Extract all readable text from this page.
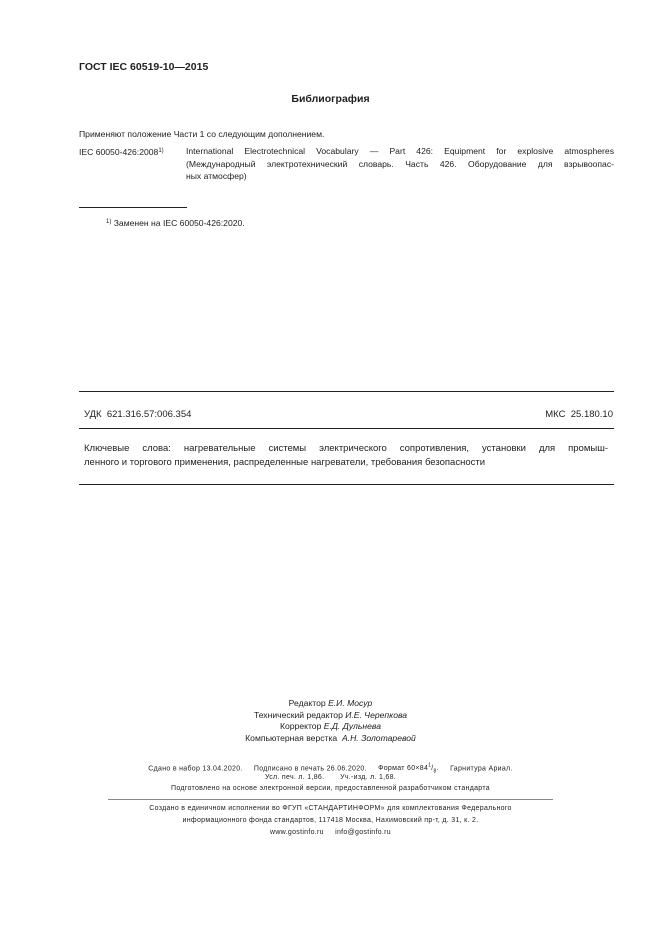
ГОСТ IEC 60519-10—2015
Библиография
Применяют положение Части 1 со следующим дополнением.
IEC 60050-426:2008$^{1)}$	International Electrotechnical Vocabulary — Part 426: Equipment for explosive atmospheres
(Международный электротехнический словарь. Часть 426. Оборудование для взрывоопас-
ных атмосфер)
$^{1)}$ Заменен на IEC 60050-426:2020.
УДК 621.316.57:006.354	МКС 25.180.10
Ключевые слова: нагревательные системы электрического сопротивления, установки для промыш-
ленного и торгового применения, распределенные нагреватели, требования безопасности
Редактор Е.И. Мосур
Технический редактор И.Е. Черепкова
Корректор Е.Д. Дульнева
Компьютерная верстка А.Н. Золотаревой
Сдано в набор 13.04.2020. Подписано в печать 26.06.2020. Формат $60\times 84^1/_8$. Гарнитура Ариал.
Усл. печ. л. 1,86. Уч.-изд. л. 1,68.
Подготовлено на основе электронной версии, предоставленной разработчиком стандарта
Создано в единичном исполнении во ФГУП «СТАНДАРТИНФОРМ» для комплектования Федерального
информационного фонда стандартов, 117418 Москва, Нахимовский пр-т, д. 31, к. 2.
www.gostinfo.ru info@gostinfo.ru
